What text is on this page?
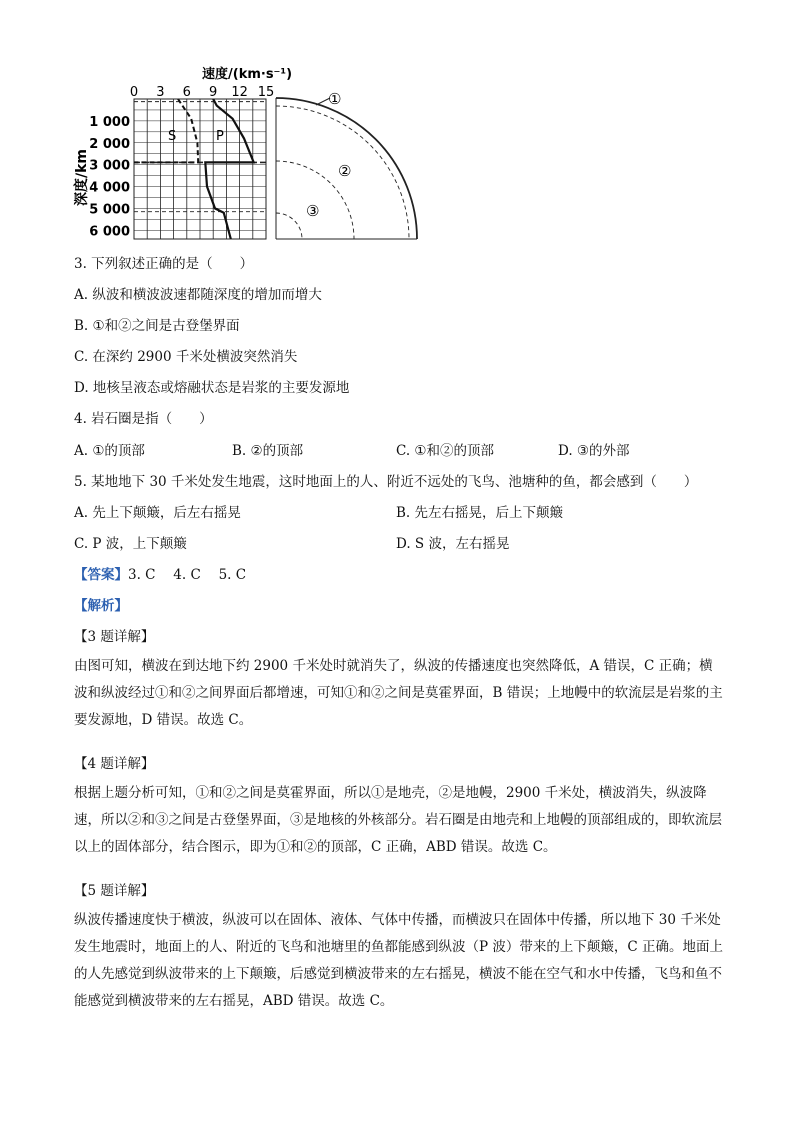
速度/(km·s⁻¹)
0 3 6 9 12 15
1 000
2 000
3 000
4 000
5 000
6 000
深度/km
S	P
①
②
③
3. 下列叙述正确的是（　　）
A. 纵波和横波波速都随深度的增加而增大
B. ①和②之间是古登堡界面
C. 在深约 2900 千米处横波突然消失
D. 地核呈液态或熔融状态是岩浆的主要发源地
4. 岩石圈是指（　　）
A. ①的顶部	B. ②的顶部	C. ①和②的顶部	D. ③的外部
5. 某地地下 30 千米处发生地震，这时地面上的人、附近不远处的飞鸟、池塘种的鱼，都会感到（　　）
A. 先上下颠簸，后左右摇晃	B. 先左右摇晃，后上下颠簸
C. P 波，上下颠簸	D. S 波，左右摇晃
【答案】3. C　 4. C　 5. C
【解析】
【3 题详解】
由图可知，横波在到达地下约 2900 千米处时就消失了，纵波的传播速度也突然降低，A 错误，C 正确；横波和纵波经过①和②之间界面后都增速，可知①和②之间是莫霍界面，B 错误；上地幔中的软流层是岩浆的主要发源地，D 错误。故选 C。
【4 题详解】
根据上题分析可知，①和②之间是莫霍界面，所以①是地壳，②是地幔，2900 千米处，横波消失，纵波降速，所以②和③之间是古登堡界面，③是地核的外核部分。岩石圈是由地壳和上地幔的顶部组成的，即软流层以上的固体部分，结合图示，即为①和②的顶部，C 正确，ABD 错误。故选 C。
【5 题详解】
纵波传播速度快于横波，纵波可以在固体、液体、气体中传播，而横波只在固体中传播，所以地下 30 千米处发生地震时，地面上的人、附近的飞鸟和池塘里的鱼都能感到纵波（P 波）带来的上下颠簸，C 正确。地面上的人先感觉到纵波带来的上下颠簸，后感觉到横波带来的左右摇晃，横波不能在空气和水中传播，飞鸟和鱼不能感觉到横波带来的左右摇晃，ABD 错误。故选 C。
